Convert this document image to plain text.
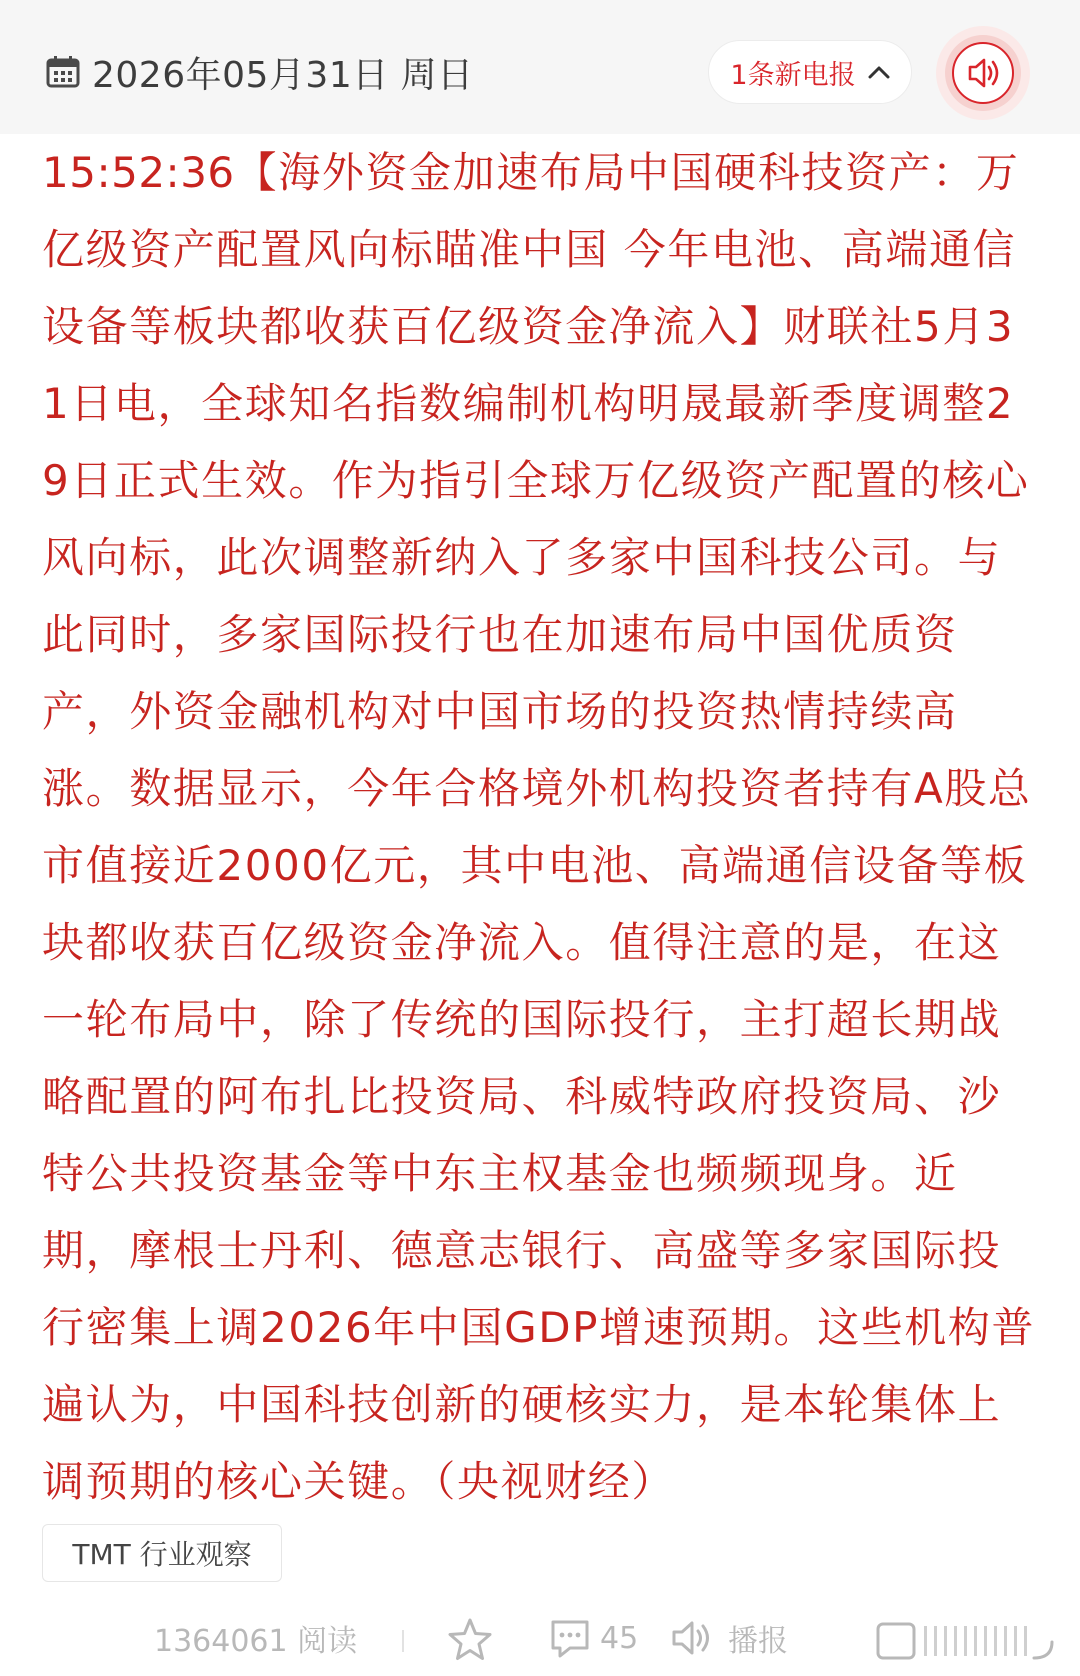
2026年05月31日 周日	1条新电报
15:52:36【海外资金加速布局中国硬科技资产：万亿级资产配置风向标瞄准中国 今年电池、高端通信设备等板块都收获百亿级资金净流入】财联社5月31日电，全球知名指数编制机构明晟最新季度调整29日正式生效。作为指引全球万亿级资产配置的核心风向标，此次调整新纳入了多家中国科技公司。与此同时，多家国际投行也在加速布局中国优质资产，外资金融机构对中国市场的投资热情持续高涨。数据显示，今年合格境外机构投资者持有A股总市值接近2000亿元，其中电池、高端通信设备等板块都收获百亿级资金净流入。值得注意的是，在这一轮布局中，除了传统的国际投行，主打超长期战略配置的阿布扎比投资局、科威特政府投资局、沙特公共投资基金等中东主权基金也频频现身。近期，摩根士丹利、德意志银行、高盛等多家国际投行密集上调2026年中国GDP增速预期。这些机构普遍认为，中国科技创新的硬核实力，是本轮集体上调预期的核心关键。（央视财经）
TMT 行业观察
1364061 阅读	45	播报
